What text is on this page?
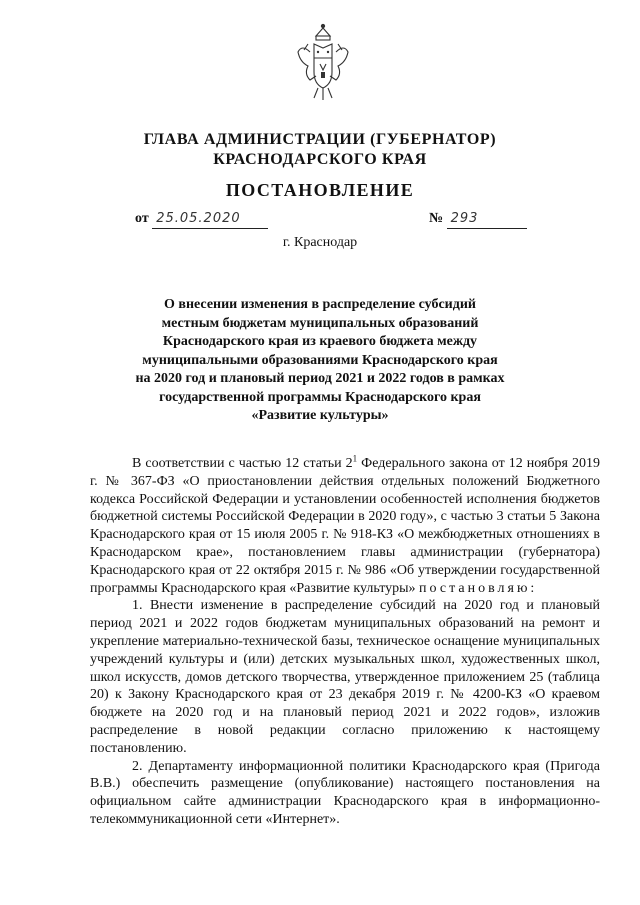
ГЛАВА АДМИНИСТРАЦИИ (ГУБЕРНАТОР)
КРАСНОДАРСКОГО КРАЯ
ПОСТАНОВЛЕНИЕ
от 25.05.2020	№ 293
г. Краснодар
О внесении изменения в распределение субсидий
местным бюджетам муниципальных образований
Краснодарского края из краевого бюджета между
муниципальными образованиями Краснодарского края
на 2020 год и плановый период 2021 и 2022 годов в рамках
государственной программы Краснодарского края
«Развитие культуры»

В соответствии с частью 12 статьи $2^1$ Федерального закона от 12 ноября 2019 г. № 367-ФЗ «О приостановлении действия отдельных положений Бюджетного кодекса Российской Федерации и установлении особенностей исполнения бюджетов бюджетной системы Российской Федерации в 2020 году», с частью 3 статьи 5 Закона Краснодарского края от 15 июля 2005 г. № 918-КЗ «О межбюджетных отношениях в Краснодарском крае», постановлением главы администрации (губернатора) Краснодарского края от 22 октября 2015 г. № 986 «Об утверждении государственной программы Краснодарского края «Развитие культуры» постановляю:

1. Внести изменение в распределение субсидий на 2020 год и плановый период 2021 и 2022 годов бюджетам муниципальных образований на ремонт и укрепление материально-технической базы, техническое оснащение муниципальных учреждений культуры и (или) детских музыкальных школ, художественных школ, школ искусств, домов детского творчества, утвержденное приложением 25 (таблица 20) к Закону Краснодарского края от 23 декабря 2019 г. № 4200-КЗ «О краевом бюджете на 2020 год и на плановый период 2021 и 2022 годов», изложив распределение в новой редакции согласно приложению к настоящему постановлению.

2. Департаменту информационной политики Краснодарского края (Пригода В.В.) обеспечить размещение (опубликование) настоящего постановления на официальном сайте администрации Краснодарского края в информационно-телекоммуникационной сети «Интернет».
